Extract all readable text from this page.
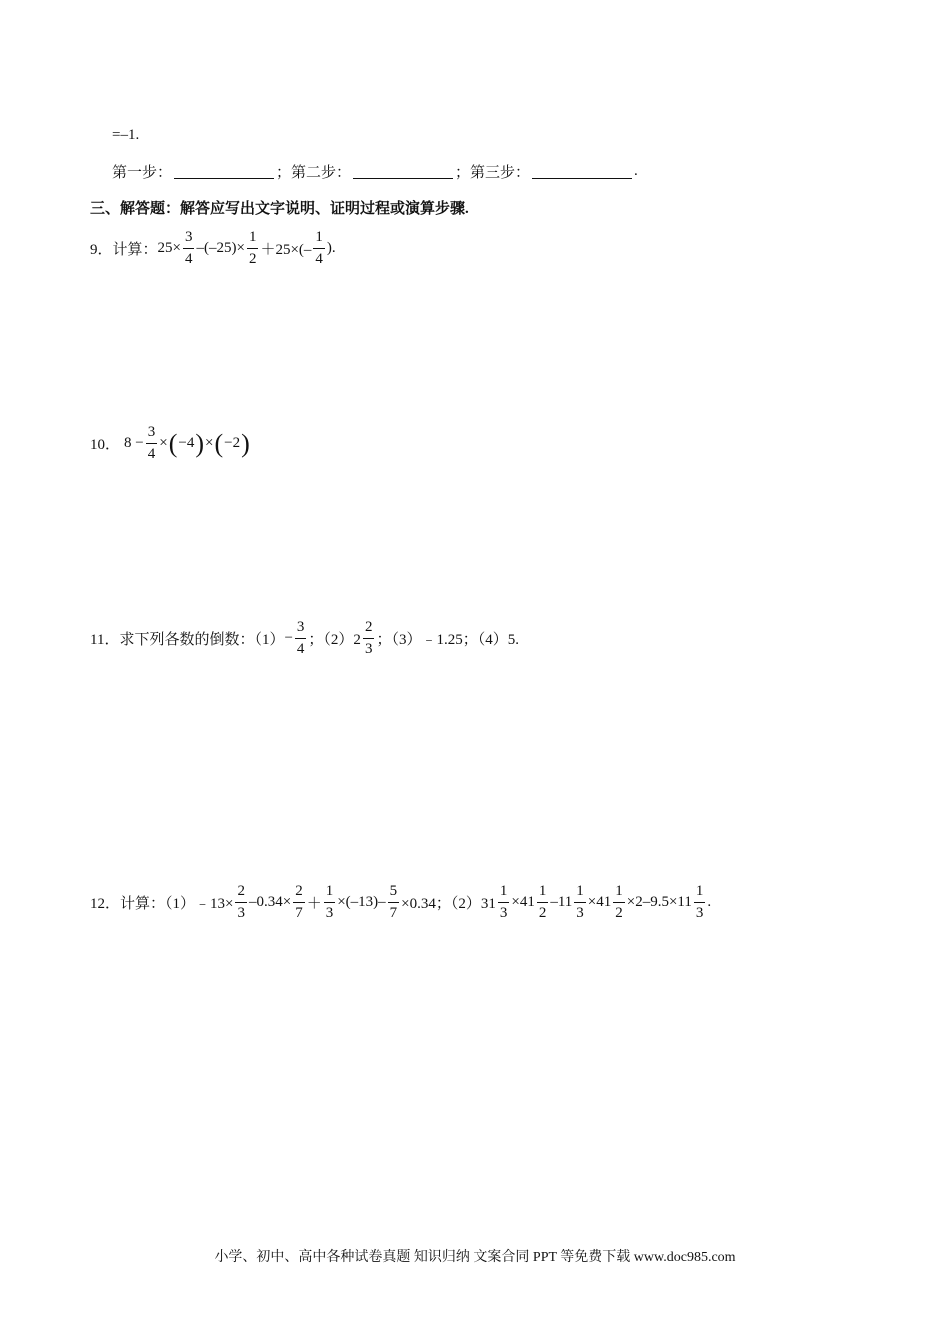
=–1.
第一步：	；第二步：	；第三步：	.
三、解答题：解答应写出文字说明、证明过程或演算步骤.
9．计算： $25\times \frac{3}{4} -(-25)\times \frac{1}{2} +25\times(- \frac{1}{4}$ ).
10． $8 - \frac{3}{4}$ × ( −4 ) × ( −2 )
11．求下列各数的倒数：$(1) - \frac{3}{4}$ ；$(2)2 \frac{2}{3}$ ；（3）﹣1.25；（4）5.
12．计算：（1）﹣13× $\frac{2}{3} -0.34\times \frac{2}{7} + \frac{1}{3} \times(-13)- \frac{5}{7} \times 0.34$；$(2)31 \frac{1}{3} \times 41 \frac{1}{2} -11 \frac{1}{3} \times 41 \frac{1}{2} \times 2-9.5\times 11 \frac{1}{3}$ .
小学、初中、高中各种试卷真题 知识归纳 文案合同 PPT 等免费下载 www.doc985.com
